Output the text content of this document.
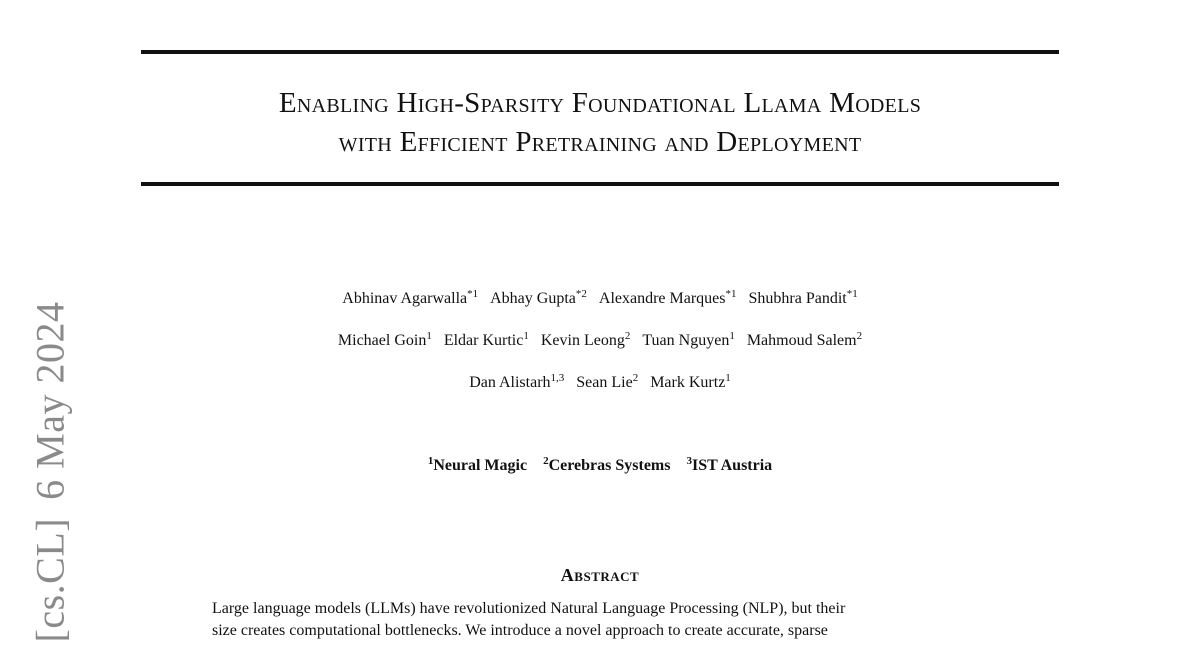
[cs.CL]6 May 2024
Enabling High-Sparsity Foundational Llama Models
with Efficient Pretraining and Deployment
Abhinav Agarwalla$^{*1}$ Abhay Gupta$^{*2}$ Alexandre Marques$^{*1}$ Shubhra Pandit$^{*1}$
Michael Goin$^1$ Eldar Kurtic$^1$ Kevin Leong$^2$ Tuan Nguyen$^1$ Mahmoud Salem$^2$
Dan Alistarh$^{1,3}$ Sean Lie$^2$ Mark Kurtz$^1$
$^1$Neural Magic $^2$Cerebras Systems $^3$IST Austria
Abstract

Large language models (LLMs) have revolutionized Natural Language Processing (NLP), but their

size creates computational bottlenecks. We introduce a novel approach to create accurate, sparse
